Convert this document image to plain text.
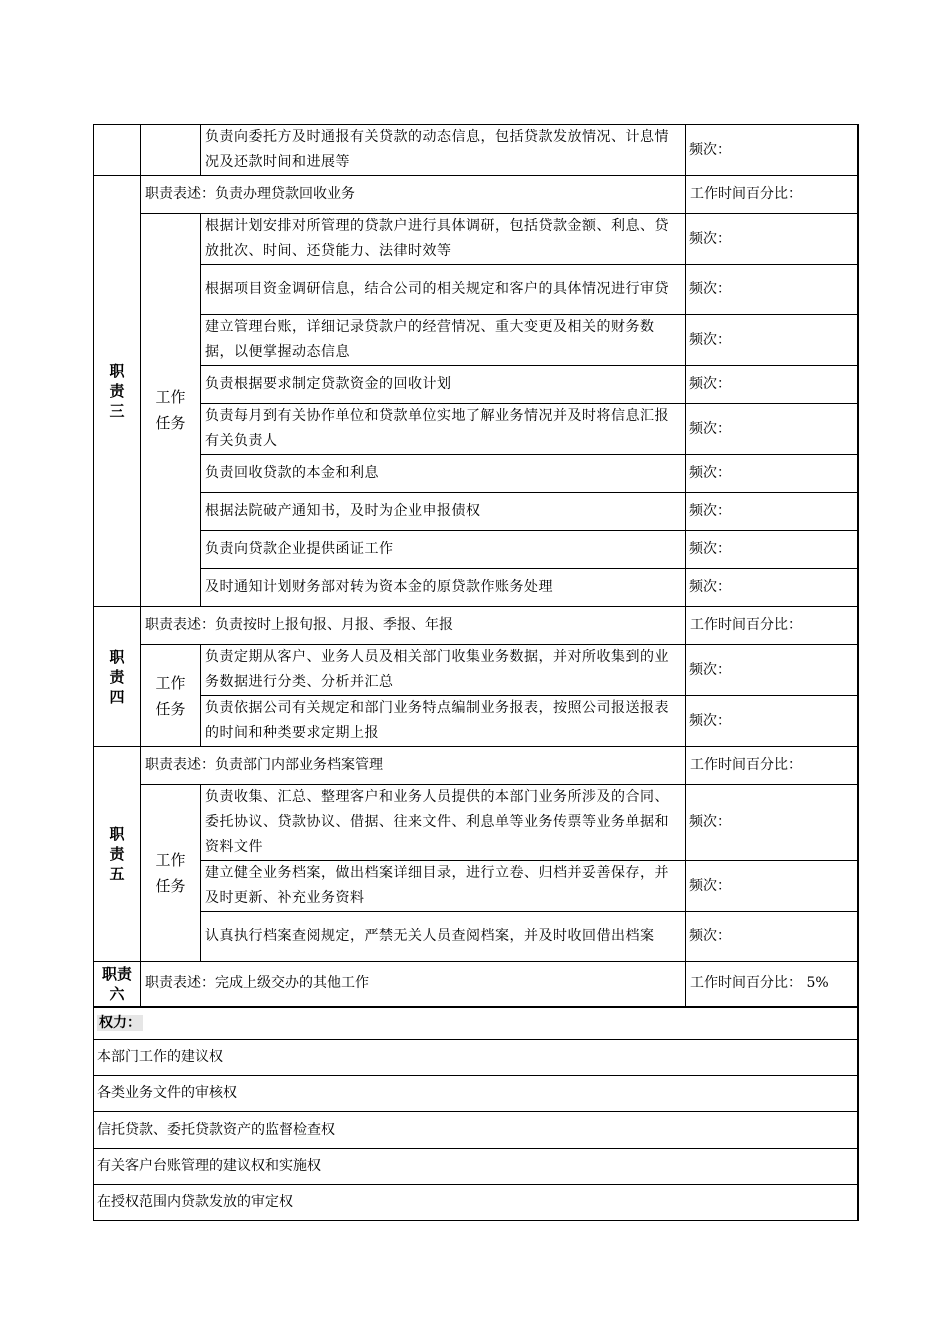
		负责向委托方及时通报有关贷款的动态信息，包括贷款发放情况、计息情况及还款时间和进展等	频次：
职责三	职责表述：负责办理贷款回收业务		工作时间百分比：
	工作任务	根据计划安排对所管理的贷款户进行具体调研，包括贷款金额、利息、贷放批次、时间、还贷能力、法律时效等	频次：
		根据项目资金调研信息，结合公司的相关规定和客户的具体情况进行审贷	频次：
		建立管理台账，详细记录贷款户的经营情况、重大变更及相关的财务数据，以便掌握动态信息	频次：
		负责根据要求制定贷款资金的回收计划	频次：
		负责每月到有关协作单位和贷款单位实地了解业务情况并及时将信息汇报有关负责人	频次：
		负责回收贷款的本金和利息	频次：
		根据法院破产通知书，及时为企业申报债权	频次：
		负责向贷款企业提供函证工作	频次：
		及时通知计划财务部对转为资本金的原贷款作账务处理	频次：
职责四	职责表述：负责按时上报旬报、月报、季报、年报		工作时间百分比：
	工作任务	负责定期从客户、业务人员及相关部门收集业务数据，并对所收集到的业务数据进行分类、分析并汇总	频次：
		负责依据公司有关规定和部门业务特点编制业务报表，按照公司报送报表的时间和种类要求定期上报	频次：
职责五	职责表述：负责部门内部业务档案管理		工作时间百分比：
	工作任务	负责收集、汇总、整理客户和业务人员提供的本部门业务所涉及的合同、委托协议、贷款协议、借据、往来文件、利息单等业务传票等业务单据和资料文件	频次：
		建立健全业务档案，做出档案详细目录，进行立卷、归档并妥善保存，并及时更新、补充业务资料	频次：
		认真执行档案查阅规定，严禁无关人员查阅档案，并及时收回借出档案	频次：
职责六	职责表述：完成上级交办的其他工作		工作时间百分比： 5%
权力：			
本部门工作的建议权			
各类业务文件的审核权			
信托贷款、委托贷款资产的监督检查权			
有关客户台账管理的建议权和实施权			
在授权范围内贷款发放的审定权			
